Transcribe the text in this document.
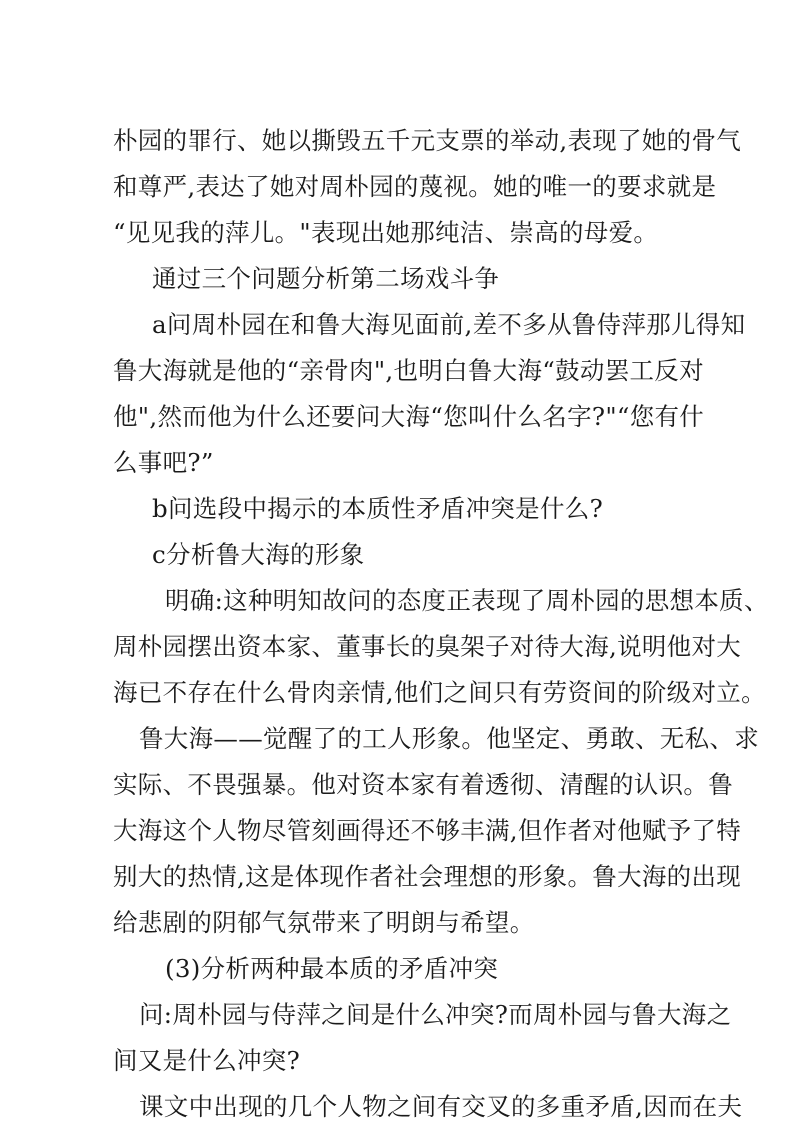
朴园的罪行、她以撕毁五千元支票的举动,表现了她的骨气
和尊严,表达了她对周朴园的蔑视。她的唯一的要求就是
“见见我的萍儿。"表现出她那纯洁、崇高的母爱。
通过三个问题分析第二场戏斗争
a问周朴园在和鲁大海见面前,差不多从鲁侍萍那儿得知
鲁大海就是他的“亲骨肉",也明白鲁大海“鼓动罢工反对
他",然而他为什么还要问大海“您叫什么名字?"“您有什
么事吧?”
b问选段中揭示的本质性矛盾冲突是什么?
c分析鲁大海的形象
明确:这种明知故问的态度正表现了周朴园的思想本质、
周朴园摆出资本家、董事长的臭架子对待大海,说明他对大
海已不存在什么骨肉亲情,他们之间只有劳资间的阶级对立。
鲁大海——觉醒了的工人形象。他坚定、勇敢、无私、求
实际、不畏强暴。他对资本家有着透彻、清醒的认识。鲁
大海这个人物尽管刻画得还不够丰满,但作者对他赋予了特
别大的热情,这是体现作者社会理想的形象。鲁大海的出现
给悲剧的阴郁气氛带来了明朗与希望。
(3)分析两种最本质的矛盾冲突
问:周朴园与侍萍之间是什么冲突?而周朴园与鲁大海之
间又是什么冲突?
课文中出现的几个人物之间有交叉的多重矛盾,因而在夫
